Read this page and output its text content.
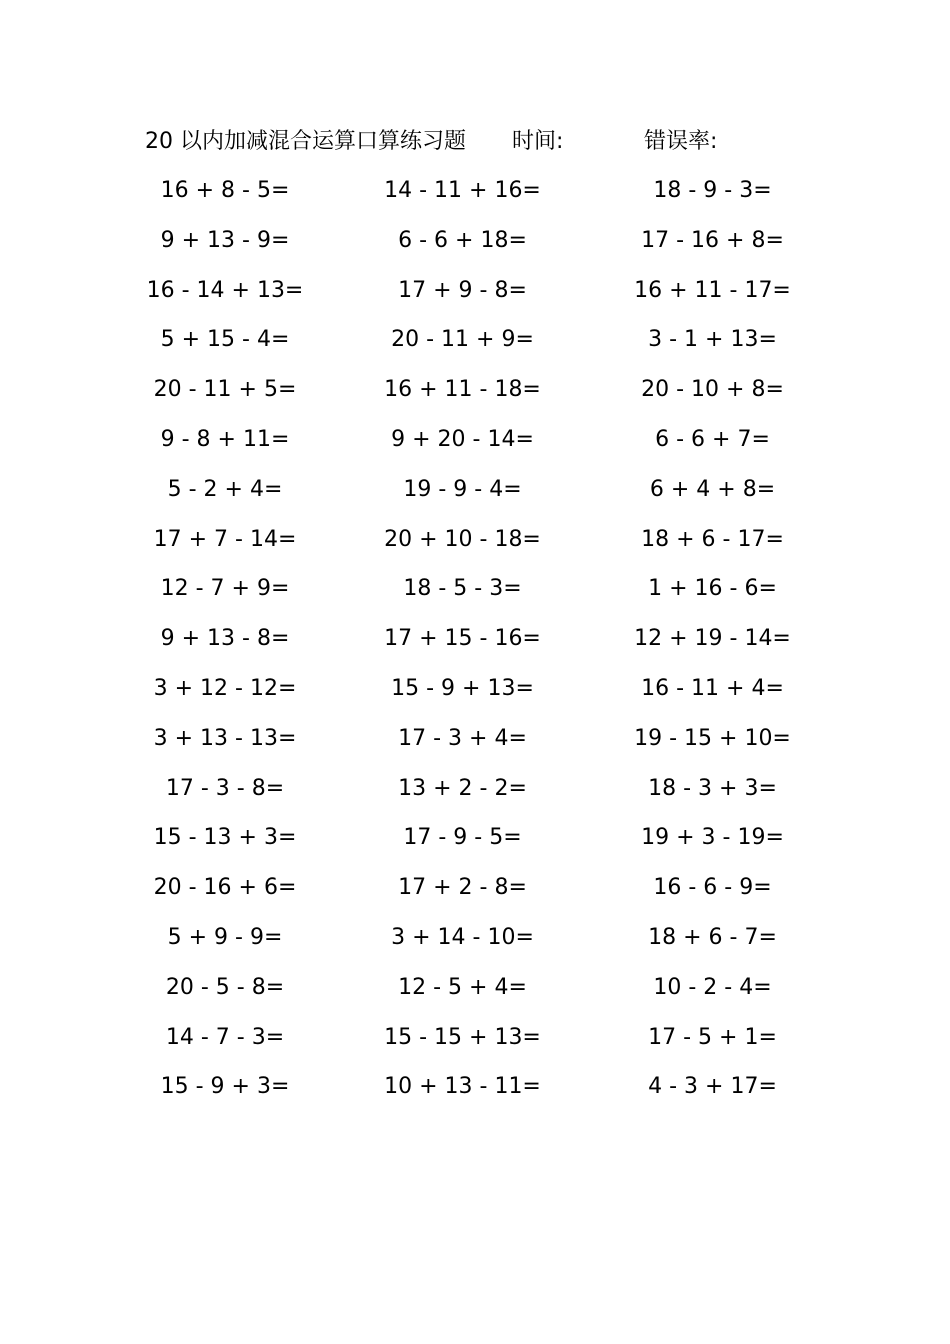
20 以内加减混合运算口算练习题 时间:	错误率:
16 + 8 - 5=	14 - 11 + 16=	18 - 9 - 3=
9 + 13 - 9=	6 - 6 + 18=	17 - 16 + 8=
16 - 14 + 13=	17 + 9 - 8=	16 + 11 - 17=
5 + 15 - 4=	20 - 11 + 9=	3 - 1 + 13=
20 - 11 + 5=	16 + 11 - 18=	20 - 10 + 8=
9 - 8 + 11=	9 + 20 - 14=	6 - 6 + 7=
5 - 2 + 4=	19 - 9 - 4=	6 + 4 + 8=
17 + 7 - 14=	20 + 10 - 18=	18 + 6 - 17=
12 - 7 + 9=	18 - 5 - 3=	1 + 16 - 6=
9 + 13 - 8=	17 + 15 - 16=	12 + 19 - 14=
3 + 12 - 12=	15 - 9 + 13=	16 - 11 + 4=
3 + 13 - 13=	17 - 3 + 4=	19 - 15 + 10=
17 - 3 - 8=	13 + 2 - 2=	18 - 3 + 3=
15 - 13 + 3=	17 - 9 - 5=	19 + 3 - 19=
20 - 16 + 6=	17 + 2 - 8=	16 - 6 - 9=
5 + 9 - 9=	3 + 14 - 10=	18 + 6 - 7=
20 - 5 - 8=	12 - 5 + 4=	10 - 2 - 4=
14 - 7 - 3=	15 - 15 + 13=	17 - 5 + 1=
15 - 9 + 3=	10 + 13 - 11=	4 - 3 + 17=
